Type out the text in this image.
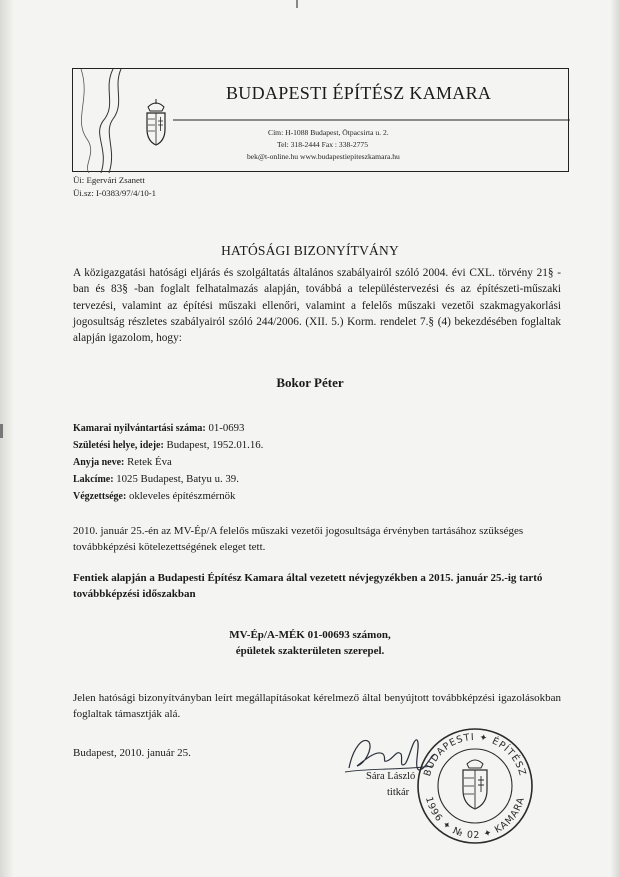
BUDAPESTI ÉPÍTÉSZ KAMARA
Cím: H-1088 Budapest, Ötpacsirta u. 2.
Tel: 318-2444 Fax : 338-2775
bek@t-online.hu www.budapestiepiteszkamara.hu
Üi: Egervári Zsanett
Üi.sz: I-0383/97/4/10-1
HATÓSÁGI BIZONYÍTVÁNY
A közigazgatási hatósági eljárás és szolgáltatás általános szabályairól szóló 2004. évi CXL. törvény 21§ -ban és 83§ -ban foglalt felhatalmazás alapján, továbbá a településtervezési és az építészeti-műszaki tervezési, valamint az építési műszaki ellenőri, valamint a felelős műszaki vezetői szakmagyakorlási jogosultság részletes szabályairól szóló 244/2006. (XII. 5.) Korm. rendelet 7.§ (4) bekezdésében foglaltak alapján igazolom, hogy:
Bokor Péter
Kamarai nyilvántartási száma: 01-0693
Születési helye, ideje: Budapest, 1952.01.16.
Anyja neve: Retek Éva
Lakcíme: 1025 Budapest, Batyu u. 39.
Végzettsége: okleveles építészmérnök
2010. január 25.-én az MV-Ép/A felelős műszaki vezetői jogosultsága érvényben tartásához szükséges továbbképzési kötelezettségének eleget tett.
Fentiek alapján a Budapesti Építész Kamara által vezetett névjegyzékben a 2015. január 25.-ig tartó továbbképzési időszakban
MV-Ép/A-MÉK 01-00693 számon,
épületek szakterületen szerepel.
Jelen hatósági bizonyítványban leírt megállapításokat kérelmező által benyújtott továbbképzési igazolásokban foglaltak támasztják alá.
Budapest, 2010. január 25.
BUDAPESTI ✦ ÉPÍTÉSZ
1996 ✦ № 02 ✦ KAMARA
Sára László
titkár
